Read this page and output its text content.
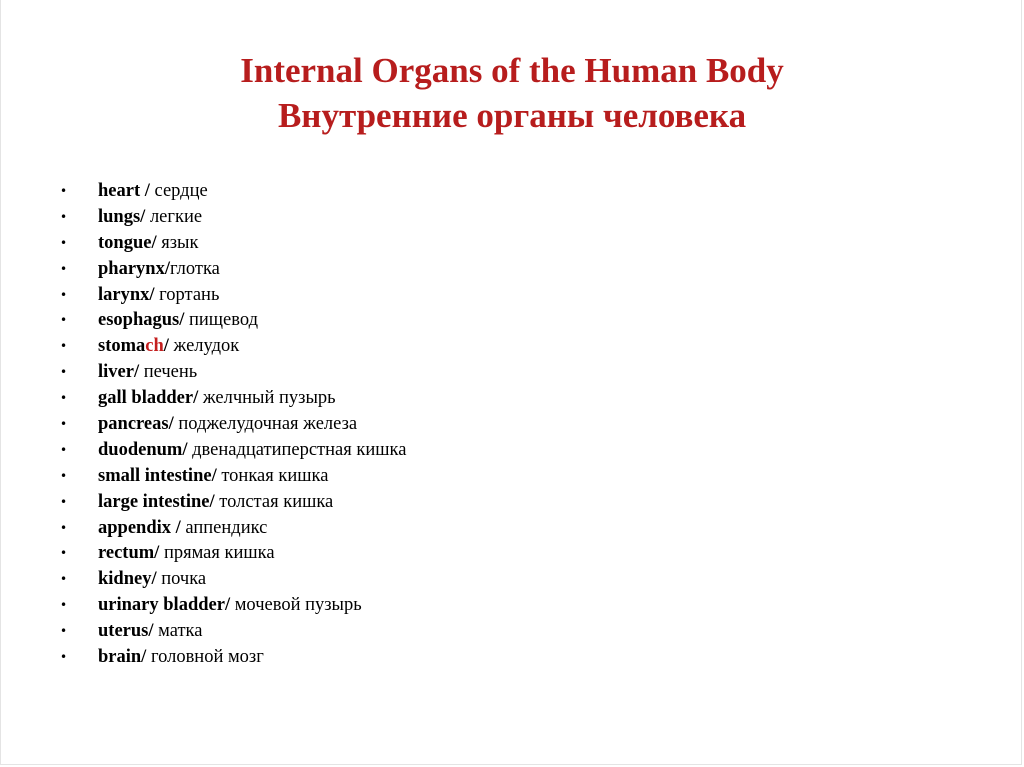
Internal Organs of the Human Body
Внутренние органы человека
• heart / сердце
• lungs/ легкие
• tongue/ язык
• pharynx/глотка
• larynx/ гортань
• esophagus/ пищевод
• stomach/ желудок
• liver/ печень
• gall bladder/ желчный пузырь
• pancreas/ поджелудочная железа
• duodenum/ двенадцатиперстная кишка
• small intestine/ тонкая кишка
• large intestine/ толстая кишка
• appendix / аппендикс
• rectum/ прямая кишка
• kidney/ почка
• urinary bladder/ мочевой пузырь
• uterus/ матка
• brain/ головной мозг
